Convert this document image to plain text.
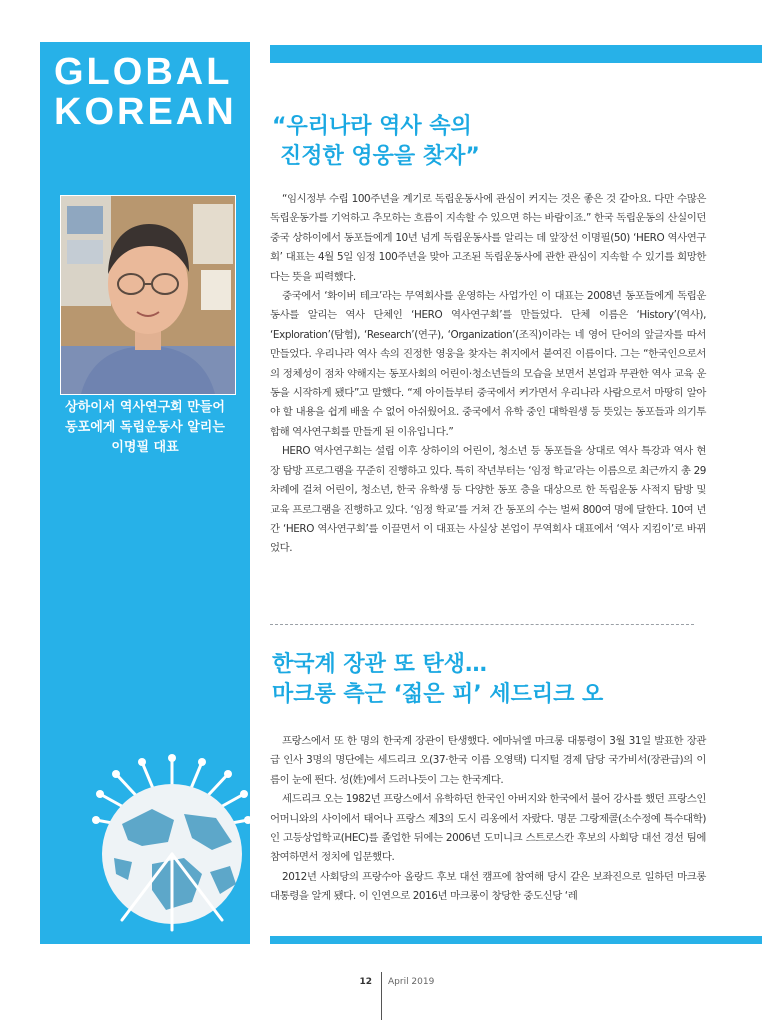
GLOBAL
KOREAN
상하이서 역사연구회 만들어
동포에게 독립운동사 알리는
이명필 대표
“우리나라 역사 속의
진정한 영웅을 찾자”

“임시정부 수립 100주년을 계기로 독립운동사에 관심이 커지는 것은 좋은 것 같아요. 다만 수많은 독립운동가를 기억하고 추모하는 흐름이 지속할 수 있으면 하는 바람이죠.” 한국 독립운동의 산실이던 중국 상하이에서 동포들에게 10년 넘게 독립운동사를 알리는 데 앞장선 이명필(50) ‘HERO 역사연구회’ 대표는 4월 5일 임정 100주년을 맞아 고조된 독립운동사에 관한 관심이 지속할 수 있기를 희망한다는 뜻을 피력했다.

중국에서 ‘화이버 테크’라는 무역회사를 운영하는 사업가인 이 대표는 2008년 동포들에게 독립운동사를 알리는 역사 단체인 ‘HERO 역사연구회’를 만들었다. 단체 이름은 ‘History’(역사), ‘Exploration’(탐험), ‘Research’(연구), ‘Organization’(조직)이라는 네 영어 단어의 앞글자를 따서 만들었다. 우리나라 역사 속의 진정한 영웅을 찾자는 취지에서 붙여진 이름이다. 그는 “한국인으로서의 정체성이 점차 약해지는 동포사회의 어린이·청소년들의 모습을 보면서 본업과 무관한 역사 교육 운동을 시작하게 됐다”고 말했다. “제 아이들부터 중국에서 커가면서 우리나라 사람으로서 마땅히 알아야 할 내용을 쉽게 배울 수 없어 아쉬웠어요. 중국에서 유학 중인 대학원생 등 뜻있는 동포들과 의기투합해 역사연구회를 만들게 된 이유입니다.”

HERO 역사연구회는 설립 이후 상하이의 어린이, 청소년 등 동포들을 상대로 역사 특강과 역사 현장 탐방 프로그램을 꾸준히 진행하고 있다. 특히 작년부터는 ‘임정 학교’라는 이름으로 최근까지 총 29차례에 걸쳐 어린이, 청소년, 한국 유학생 등 다양한 동포 층을 대상으로 한 독립운동 사적지 탐방 및 교육 프로그램을 진행하고 있다. ‘임정 학교’를 거쳐 간 동포의 수는 벌써 800여 명에 달한다. 10여 년간 ‘HERO 역사연구회’를 이끌면서 이 대표는 사실상 본업이 무역회사 대표에서 ‘역사 지킴이’로 바뀌었다.

한국계 장관 또 탄생…
마크롱 측근 ‘젊은 피’ 세드리크 오

프랑스에서 또 한 명의 한국계 장관이 탄생했다. 에마뉘엘 마크롱 대통령이 3월 31일 발표한 장관급 인사 3명의 명단에는 세드리크 오(37·한국 이름 오영택) 디지털 경제 담당 국가비서(장관급)의 이름이 눈에 띈다. 성(姓)에서 드러나듯이 그는 한국계다.

세드리크 오는 1982년 프랑스에서 유학하던 한국인 아버지와 한국에서 불어 강사를 했던 프랑스인 어머니와의 사이에서 태어나 프랑스 제3의 도시 리옹에서 자랐다. 명문 그랑제콜(소수정예 특수대학)인 고등상업학교(HEC)를 졸업한 뒤에는 2006년 도미니크 스트로스칸 후보의 사회당 대선 경선 팀에 참여하면서 정치에 입문했다.

2012년 사회당의 프랑수아 올랑드 후보 대선 캠프에 참여해 당시 같은 보좌진으로 일하던 마크롱 대통령을 알게 됐다. 이 인연으로 2016년 마크롱이 창당한 중도신당 ‘레

12 April 2019
